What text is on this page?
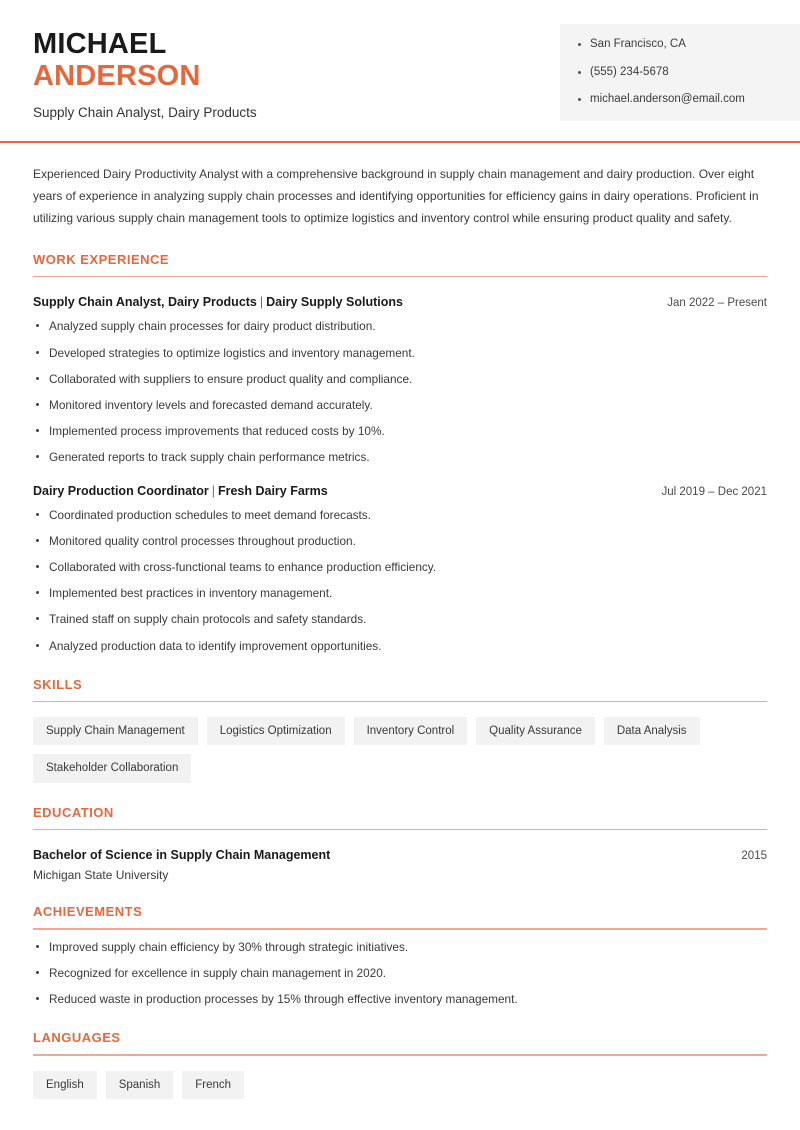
MICHAEL
ANDERSON
Supply Chain Analyst, Dairy Products
San Francisco, CA
(555) 234-5678
michael.anderson@email.com

Experienced Dairy Productivity Analyst with a comprehensive background in supply chain management and dairy production. Over eight years of experience in analyzing supply chain processes and identifying opportunities for efficiency gains in dairy operations. Proficient in utilizing various supply chain management tools to optimize logistics and inventory control while ensuring product quality and safety.

WORK EXPERIENCE
Supply Chain Analyst, Dairy Products | Dairy Supply Solutions	Jan 2022 – Present
Analyzed supply chain processes for dairy product distribution.
Developed strategies to optimize logistics and inventory management.
Collaborated with suppliers to ensure product quality and compliance.
Monitored inventory levels and forecasted demand accurately.
Implemented process improvements that reduced costs by 10%.
Generated reports to track supply chain performance metrics.
Dairy Production Coordinator | Fresh Dairy Farms	Jul 2019 – Dec 2021
Coordinated production schedules to meet demand forecasts.
Monitored quality control processes throughout production.
Collaborated with cross-functional teams to enhance production efficiency.
Implemented best practices in inventory management.
Trained staff on supply chain protocols and safety standards.
Analyzed production data to identify improvement opportunities.
SKILLS
Supply Chain Management	Logistics Optimization	Inventory Control	Quality Assurance	Data Analysis
Stakeholder Collaboration
EDUCATION
Bachelor of Science in Supply Chain Management	2015
Michigan State University
ACHIEVEMENTS
Improved supply chain efficiency by 30% through strategic initiatives.
Recognized for excellence in supply chain management in 2020.
Reduced waste in production processes by 15% through effective inventory management.
LANGUAGES
English	Spanish	French
